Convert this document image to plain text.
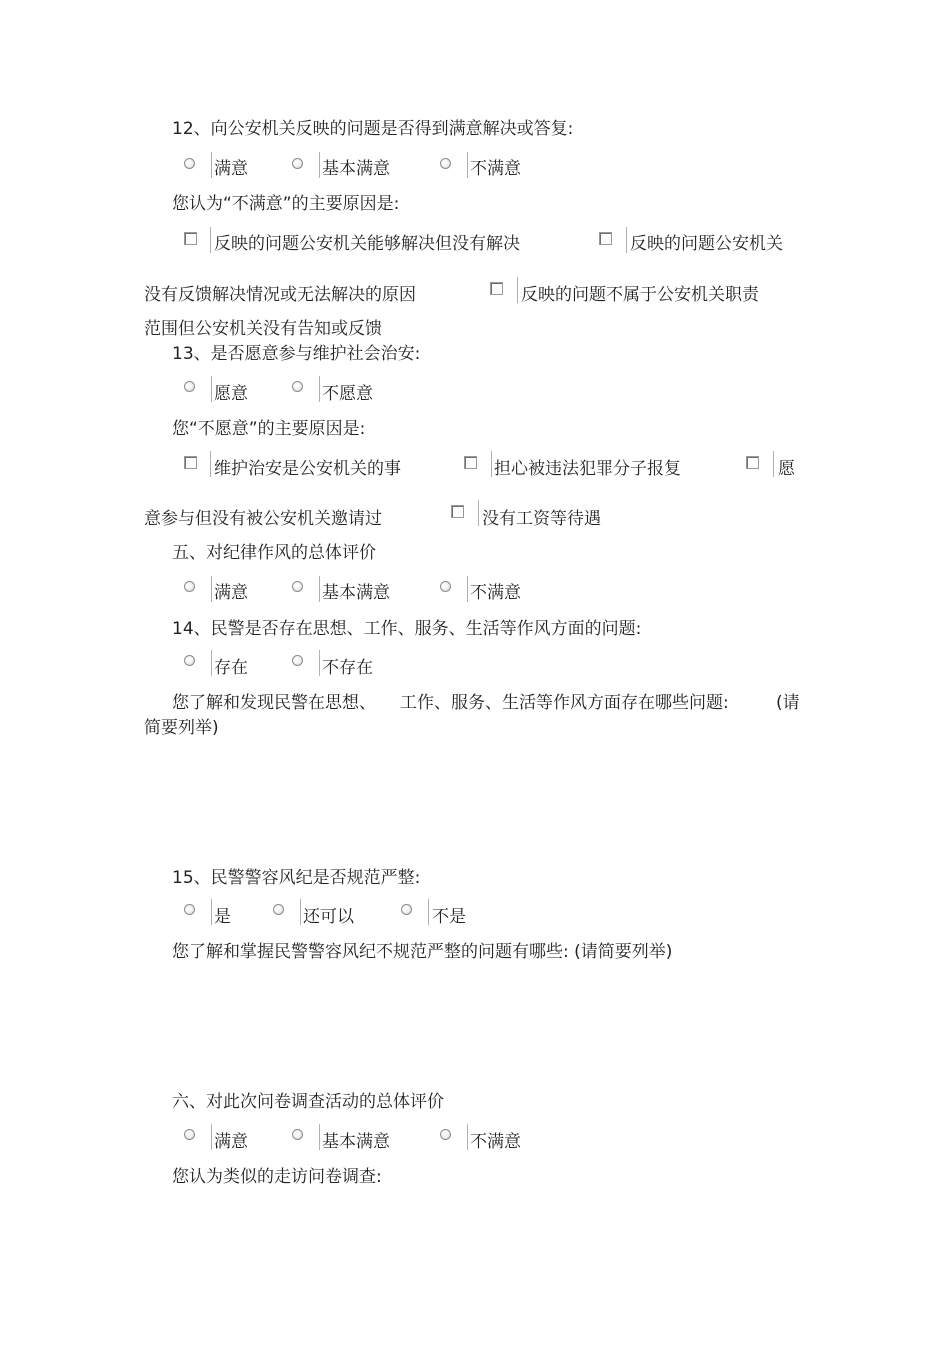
12、向公安机关反映的问题是否得到满意解决或答复:
满意	基本满意	不满意
您认为“不满意”的主要原因是:
反映的问题公安机关能够解决但没有解决	反映的问题公安机关
没有反馈解决情况或无法解决的原因	反映的问题不属于公安机关职责
范围但公安机关没有告知或反馈
13、是否愿意参与维护社会治安:
愿意	不愿意
您“不愿意”的主要原因是:
维护治安是公安机关的事	担心被违法犯罪分子报复	愿
意参与但没有被公安机关邀请过	没有工资等待遇
五、对纪律作风的总体评价
满意	基本满意	不满意
14、民警是否存在思想、工作、服务、生活等作风方面的问题:
存在	不存在
您了解和发现民警在思想、 工作、服务、生活等作风方面存在哪些问题:	(请
简要列举)
15、民警警容风纪是否规范严整:
是	还可以	不是
您了解和掌握民警警容风纪不规范严整的问题有哪些: (请简要列举)
六、对此次问卷调查活动的总体评价
满意	基本满意	不满意
您认为类似的走访问卷调查:
